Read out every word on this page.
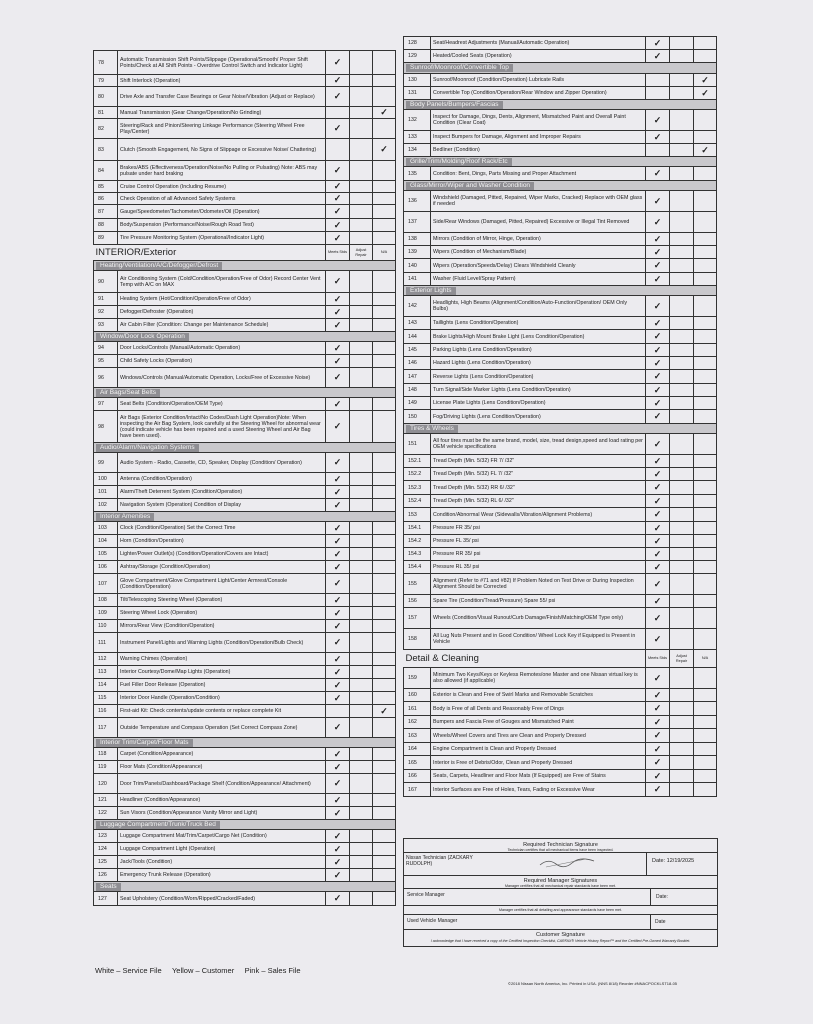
78	Automatic Transmission Shift Points/Slippage (Operational/Smooth/ Proper Shift Points/Check at All Shift Points - Overdrive Control Switch and Indicator Light)	✓		
79	Shift Interlock (Operation)	✓		
80	Drive Axle and Transfer Case Bearings or Gear Noise/Vibration (Adjust or Replace)	✓		
81	Manual Transmission (Gear Change/Operation/No Grinding)			✓
82	Steering/Rack and Pinion/Steering Linkage Performance (Steering Wheel Free Play/Center)	✓		
83	Clutch (Smooth Engagement, No Signs of Slippage or Excessive Noise/ Chattering)			✓
84	Brakes/ABS (Effectiveness/Operation/Noise/No Pulling or Pulsating) Note: ABS may pulsate under hard braking	✓		
85	Cruise Control Operation (Including Resume)	✓		
86	Check Operation of all Advanced Safety Systems	✓		
87	Gauge/Speedometer/Tachometer/Odometer/Oil (Operation)	✓		
88	Body/Suspension (Performance/Noise/Rough Road Test)	✓		
89	Tire Pressure Monitoring System (Operational/Indicator Light)	✓		
INTERIOR/Exterior		Meets Stds	Adjust Repair	N/A
Heating/Ventilation/A/C/Defogger/Defrost				
90	Air Conditioning System (Cold/Condition/Operation/Free of Odor) Record Center Vent Temp with A/C on MAX	✓		
91	Heating System (Hot/Condition/Operation/Free of Odor)	✓		
92	Defogger/Defroster (Operation)	✓		
93	Air Cabin Filter (Condition: Change per Maintenance Schedule)	✓		
Window/Door Lock Operation				
94	Door Locks/Controls (Manual/Automatic Operation)	✓		
95	Child Safety Locks (Operation)	✓		
96	Windows/Controls (Manual/Automatic Operation, Locks/Free of Excessive Noise)	✓		
Air Bags/Seat Belts				
97	Seat Belts (Condition/Operation/OEM Type)	✓		
98	Air Bags (Exterior Condition/Intact/No Codes/Dash Light Operation)Note: When inspecting the Air Bag System, look carefully at the Steering Wheel for abnormal wear (could indicate vehicle has been repaired and a used Steering Wheel and Air Bag have been used).	✓		
Audio/Alarm/Navigation Systems				
99	Audio System - Radio, Cassette, CD, Speaker, Display (Condition/ Operation)	✓		
100	Antenna (Condition/Operation)	✓		
101	Alarm/Theft Deterrent System (Condition/Operation)	✓		
102	Navigation System (Operation) Condition of Display	✓		
Interior Amenities				
103	Clock (Condition/Operation) Set the Correct Time	✓		
104	Horn (Condition/Operation)	✓		
105	Lighter/Power Outlet(s) (Condition/Operation/Covers are Intact)	✓		
106	Ashtray/Storage (Condition/Operation)	✓		
107	Glove Compartment/Glove Compartment Light/Center Armrest/Console (Condition/Operation)	✓		
108	Tilt/Telescoping Steering Wheel (Operation)	✓		
109	Steering Wheel Lock (Operation)	✓		
110	Mirrors/Rear View (Condition/Operation)	✓		
111	Instrument Panel/Lights and Warning Lights (Condition/Operation/Bulb Check)	✓		
112	Warning Chimes (Operation)	✓		
113	Interior Courtesy/Dome/Map Lights (Operation)	✓		
114	Fuel Filler Door Release (Operation)	✓		
115	Interior Door Handle (Operation/Condition)	✓		
116	First-aid Kit: Check contents/update contents or replace complete Kit			✓
117	Outside Temperature and Compass Operation (Set Correct Compass Zone)	✓		
Interior Trim/Carpet/Floor Mats				
118	Carpet (Condition/Appearance)	✓		
119	Floor Mats (Condition/Appearance)	✓		
120	Door Trim/Panels/Dashboard/Package Shelf (Condition/Appearance/ Attachment)	✓		
121	Headliner (Condition/Appearance)	✓		
122	Sun Visors (Condition/Appearance Vanity Mirror and Light)	✓		
Luggage Compartment/Trunk/Truck Bed				
123	Luggage Compartment Mat/Trim/Carpet/Cargo Net (Condition)	✓		
124	Luggage Compartment Light (Operation)	✓		
125	Jack/Tools (Condition)	✓		
126	Emergency Trunk Release (Operation)	✓		
Seats				
127	Seat Upholstery (Condition/Worn/Ripped/Cracked/Faded)	✓		
128	Seat/Headrest Adjustments (Manual/Automatic Operation)	✓		
129	Heated/Cooled Seats (Operation)	✓		
Sunroof/Moonroof/Convertible Top				
130	Sunroof/Moonroof (Condition/Operation) Lubricate Rails			✓
131	Convertible Top (Condition/Operation/Rear Window and Zipper Operation)			✓
Body Panels/Bumpers/Fascias				
132	Inspect for Damage, Dings, Dents, Alignment, Mismatched Paint and Overall Paint Condition (Clear Coat)	✓		
133	Inspect Bumpers for Damage, Alignment and Improper Repairs	✓		
134	Bedliner (Condition)			✓
Grille/Trim/Molding/Roof Rack/Etc				
135	Condition: Bent, Dings, Parts Missing and Proper Attachment	✓		
Glass/Mirror/Wiper and Washer Condition				
136	Windshield (Damaged, Pitted, Repaired, Wiper Marks, Cracked) Replace with OEM glass if needed	✓		
137	Side/Rear Windows (Damaged, Pitted, Repaired) Excessive or Illegal Tint Removed	✓		
138	Mirrors (Condition of Mirror, Hinge, Operation)	✓		
139	Wipers (Condition of Mechanism/Blade)	✓		
140	Wipers (Operation/Speeds/Delay) Clears Windshield Cleanly	✓		
141	Washer (Fluid Level/Spray Pattern)	✓		
Exterior Lights				
142	Headlights, High Beams (Alignment/Condition/Auto-Function/Operation/ OEM Only Bulbs)	✓		
143	Taillights (Lens Condition/Operation)	✓		
144	Brake Lights/High Mount Brake Light (Lens Condition/Operation)	✓		
145	Parking Lights (Lens Condition/Operation)	✓		
146	Hazard Lights (Lens Condition/Operation)	✓		
147	Reverse Lights (Lens Condition/Operation)	✓		
148	Turn Signal/Side Marker Lights (Lens Condition/Operation)	✓		
149	License Plate Lights (Lens Condition/Operation)	✓		
150	Fog/Driving Lights (Lens Condition/Operation)	✓		
Tires & Wheels				
151	All four tires must be the same brand, model, size, tread design,speed and load rating per OEM vehicle specifications	✓		
152.1	Tread Depth (Min. 5/32) FR 7/ /32"	✓		
152.2	Tread Depth (Min. 5/32) FL 7/ /32"	✓		
152.3	Tread Depth (Min. 5/32) RR 6/ /32"	✓		
152.4	Tread Depth (Min. 5/32) RL 6/ /32"	✓		
153	Condition/Abnormal Wear (Sidewalls/Vibration/Alignment Problems)	✓		
154.1	Pressure FR 35/ psi	✓		
154.2	Pressure FL 35/ psi	✓		
154.3	Pressure RR 35/ psi	✓		
154.4	Pressure RL 35/ psi	✓		
155	Alignment (Refer to #71 and #82) If Problem Noted on Test Drive or During Inspection Alignment Should be Corrected	✓		
156	Spare Tire (Condition/Tread/Pressure) Spare 55/ psi	✓		
157	Wheels (Condition/Visual Runout/Curb Damage/Finish/Matching/OEM Type only)	✓		
158	All Lug Nuts Present and in Good Condition/ Wheel Lock Key if Equipped is Present in Vehicle	✓		
Detail & Cleaning		Meets Stds	Adjust Repair	N/A
159	Minimum Two Keys/Keys or Keyless Remotes/one Master and one Nissan virtual key is also allowed (if applicable)	✓		
160	Exterior is Clean and Free of Swirl Marks and Removable Scratches	✓		
161	Body is Free of all Dents and Reasonably Free of Dings	✓		
162	Bumpers and Fascia Free of Gouges and Mismatched Paint	✓		
163	Wheels/Wheel Covers and Tires are Clean and Properly Dressed	✓		
164	Engine Compartment is Clean and Properly Dressed	✓		
165	Interior is Free of Debris/Odor, Clean and Properly Dressed	✓		
166	Seats, Carpets, Headliner and Floor Mats (If Equipped) are Free of Stains	✓		
167	Interior Surfaces are Free of Holes, Tears, Fading or Excessive Wear	✓		
Required Technician Signature
Technician certifies that all mechanical items have been inspected.
Nissan Technician (ZACKARY RUDOLPH)	Date: 12/19/2025
Required Manager Signatures
Manager certifies that all mechanical repair standards have been met.
Service Manager	Date:
Manager certifies that all detailing and appearance standards have been met.
Used Vehicle Manager	Date
Customer Signature
I acknowledge that I have received a copy of the Certified Inspection Checklist, CARFAX® Vehicle History Report™ and the Certified Pre-Owned Warranty Booklet.
White – Service File     Yellow – Customer     Pink – Sales File
©2018 Nissan North America, Inc. Printed in USA. (NNS 8/18) Reorder #NNACPOCKLST18-05
